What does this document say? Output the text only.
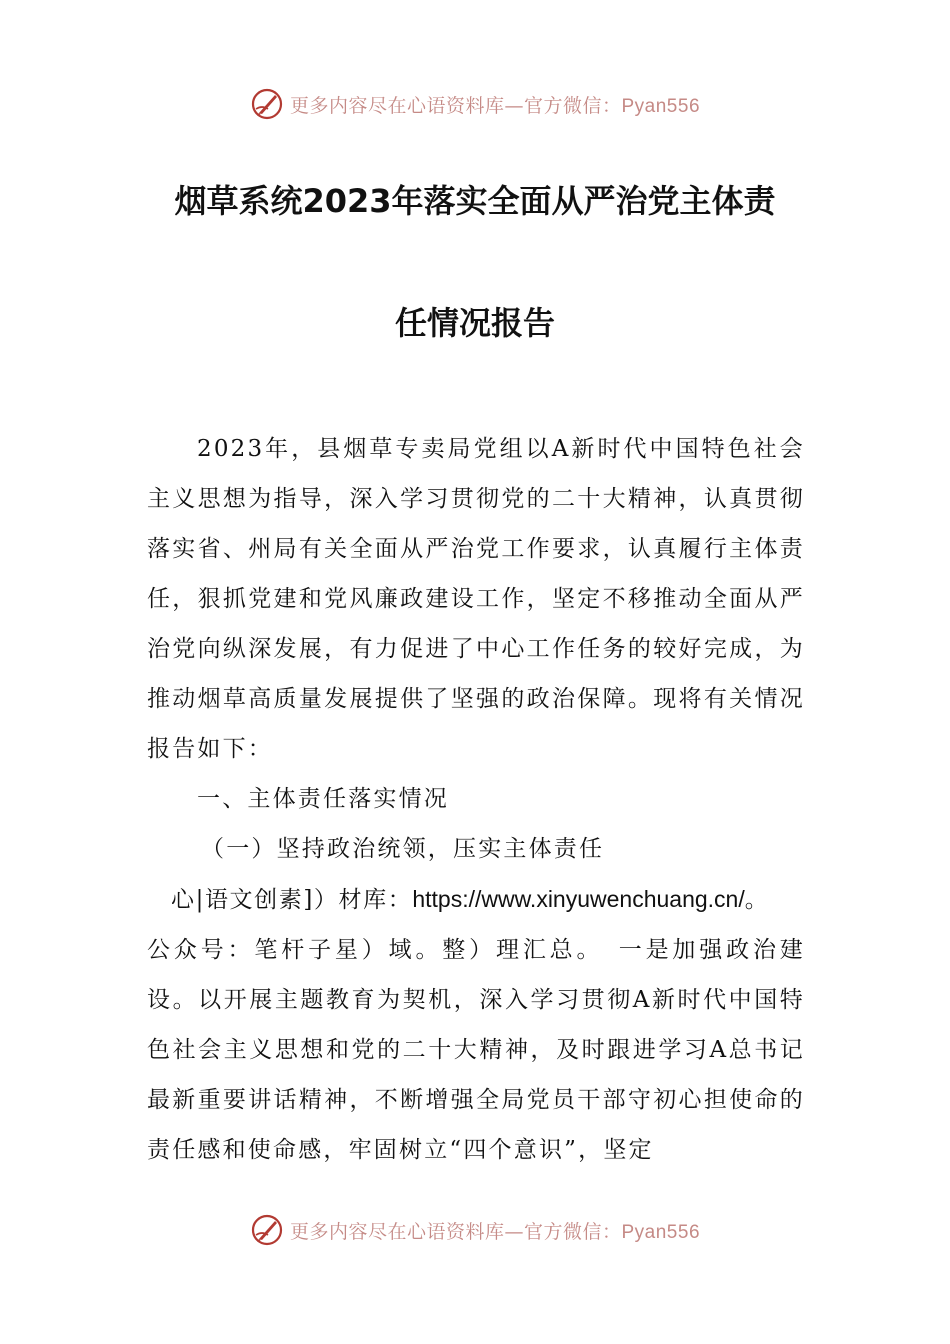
更多内容尽在心语资料库—官方微信：Pyan556
烟草系统2023年落实全面从严治党主体责
任情况报告

2023年，县烟草专卖局党组以A新时代中国特色社会主义思想为指导，深入学习贯彻党的二十大精神，认真贯彻落实省、州局有关全面从严治党工作要求，认真履行主体责任，狠抓党建和党风廉政建设工作，坚定不移推动全面从严治党向纵深发展，有力促进了中心工作任务的较好完成，为推动烟草高质量发展提供了坚强的政治保障。现将有关情况报告如下：

一、主体责任落实情况

（一）坚持政治统领，压实主体责任

心|语文创素]）材库：https://www.xinyuwenchuang.cn/。

公众号：笔杆子星）域。整）理汇总。　一是加强政治建设。以开展主题教育为契机，深入学习贯彻A新时代中国特色社会主义思想和党的二十大精神，及时跟进学习A总书记最新重要讲话精神，不断增强全局党员干部守初心担使命的责任感和使命感，牢固树立“四个意识”，坚定

更多内容尽在心语资料库—官方微信：Pyan556
